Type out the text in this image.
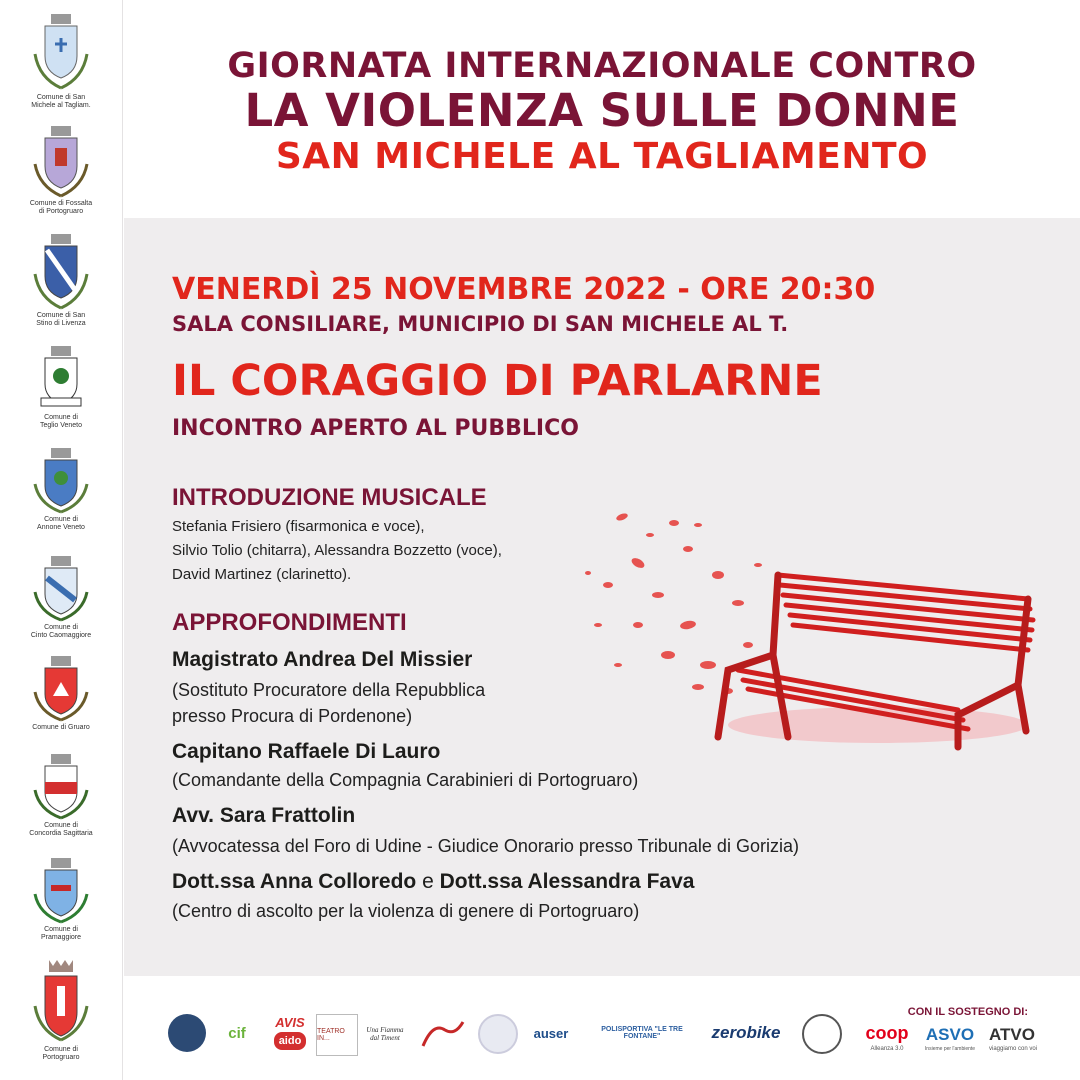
Comune di San
Michele al Tagliam.
Comune di Fossalta
di Portogruaro
Comune di San
Stino di Livenza
Comune di
Teglio Veneto
Comune di
Annone Veneto
Comune di
Cinto Caomaggiore
Comune di Gruaro
Comune di
Concordia Sagittaria
Comune di
Pramaggiore
Comune di
Portogruaro
GIORNATA INTERNAZIONALE CONTRO
LA VIOLENZA SULLE DONNE
SAN MICHELE AL TAGLIAMENTO
VENERDÌ 25 NOVEMBRE 2022 - ORE 20:30
SALA CONSILIARE, MUNICIPIO DI SAN MICHELE AL T.
IL CORAGGIO DI PARLARNE
INCONTRO APERTO AL PUBBLICO
INTRODUZIONE MUSICALE
Stefania Frisiero (fisarmonica e voce),
Silvio Tolio (chitarra), Alessandra Bozzetto (voce),
David Martinez (clarinetto).
APPROFONDIMENTI
Magistrato Andrea Del Missier
(Sostituto Procuratore della Repubblica
presso Procura di Pordenone)
Capitano Raffaele Di Lauro
(Comandante della Compagnia Carabinieri di Portogruaro)
Avv. Sara Frattolin
(Avvocatessa del Foro di Udine - Giudice Onorario presso Tribunale di Gorizia)
Dott.ssa Anna Colloredo e Dott.ssa Alessandra Fava
(Centro di ascolto per la violenza di genere di Portogruaro)
CON IL SOSTEGNO DI:
cif
AVIS
aido
TEATRO IN...
Una Fiamma dal Timent	auser	POLISPORTIVA "LE TRE FONTANE"	zerobike	coop
Alleanza 3.0
ASVO
Insieme per l'ambiente
ATVO
viaggiamo con voi
